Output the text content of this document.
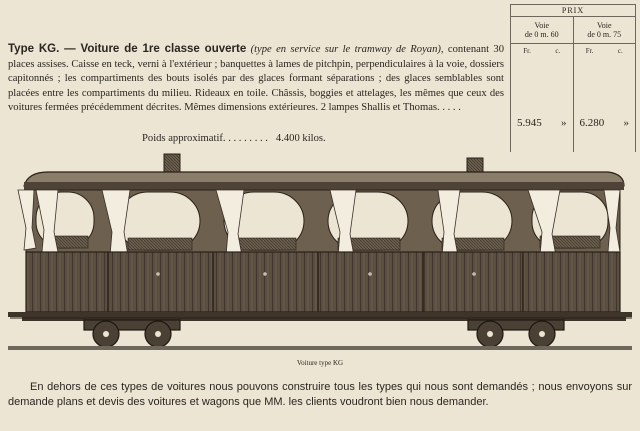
PRIX
Voie
de 0 m. 60
Fr.	c.
5.945 »
Voie
de 0 m. 75
Fr.	c.
6.280 »
Type KG. — Voiture de 1re classe ouverte (type en service sur le tramway de Royan), contenant 30 places assises. Caisse en teck, verni à l'extérieur ; banquettes à lames de pitchpin, perpendiculaires à la voie, dossiers capitonnés ; les compartiments des bouts isolés par des glaces formant séparations ; des glaces semblables sont placées entre les compartiments du milieu. Rideaux en toile. Châssis, boggies et attelages, les mêmes que ceux des voitures fermées précédemment décrites. Mêmes dimensions extérieures. 2 lampes Shallis et Thomas. . . . .
Poids approximatif. . . . . . . . . 4.400 kilos.
Voiture type KG
En dehors de ces types de voitures nous pouvons construire tous les types qui nous sont demandés ; nous envoyons sur demande plans et devis des voitures et wagons que MM. les clients voudront bien nous demander.
